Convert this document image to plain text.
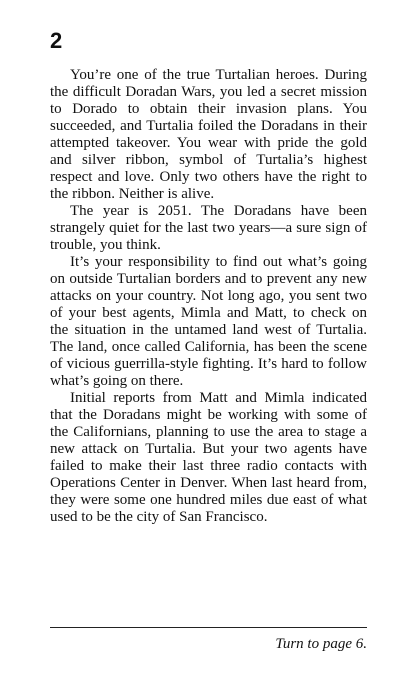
2

You’re one of the true Turtalian heroes. During the difficult Doradan Wars, you led a secret mission to Dorado to obtain their invasion plans. You succeeded, and Turtalia foiled the Doradans in their attempted takeover. You wear with pride the gold and silver ribbon, symbol of Turtalia’s highest respect and love. Only two others have the right to the ribbon. Neither is alive.

The year is 2051. The Doradans have been strangely quiet for the last two years—a sure sign of trouble, you think.

It’s your responsibility to find out what’s going on outside Turtalian borders and to prevent any new attacks on your country. Not long ago, you sent two of your best agents, Mimla and Matt, to check on the situation in the untamed land west of Turtalia. The land, once called California, has been the scene of vicious guerrilla-style fighting. It’s hard to follow what’s going on there.

Initial reports from Matt and Mimla indicated that the Doradans might be working with some of the Californians, planning to use the area to stage a new attack on Turtalia. But your two agents have failed to make their last three radio contacts with Operations Center in Denver. When last heard from, they were some one hundred miles due east of what used to be the city of San Francisco.

Turn to page 6.
